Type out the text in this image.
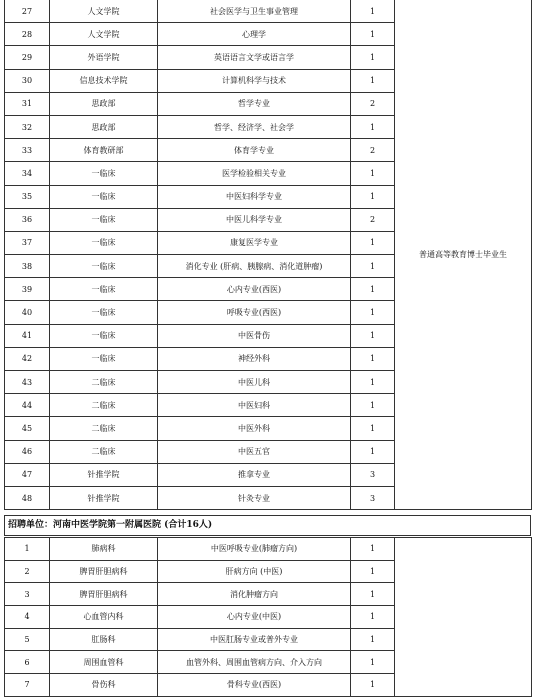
27	人文学院	社会医学与卫生事业管理	1	普通高等教育博士毕业生
28	人文学院	心理学	1	
29	外语学院	英语语言文学或语言学	1	
30	信息技术学院	计算机科学与技术	1	
31	思政部	哲学专业	2	
32	思政部	哲学、经济学、社会学	1	
33	体育教研部	体育学专业	2	
34	一临床	医学检验相关专业	1	
35	一临床	中医妇科学专业	1	
36	一临床	中医儿科学专业	2	
37	一临床	康复医学专业	1	
38	一临床	消化专业 (肝病、胰腺病、消化道肿瘤)	1	
39	一临床	心内专业(西医)	1	
40	一临床	呼吸专业(西医)	1	
41	一临床	中医骨伤	1	
42	一临床	神经外科	1	
43	二临床	中医儿科	1	
44	二临床	中医妇科	1	
45	二临床	中医外科	1	
46	二临床	中医五官	1	
47	针推学院	推拿专业	3	
48	针推学院	针灸专业	3	
招聘单位：河南中医学院第一附属医院 (合计16人)
1	肺病科	中医呼吸专业(肺瘤方向)	1	
2	脾胃肝胆病科	肝病方向 (中医)	1	
3	脾胃肝胆病科	消化肿瘤方向	1	
4	心血管内科	心内专业(中医)	1	
5	肛肠科	中医肛肠专业或普外专业	1	
6	周围血管科	血管外科、周围血管病方向、介入方向	1	
7	骨伤科	骨科专业(西医)	1	
